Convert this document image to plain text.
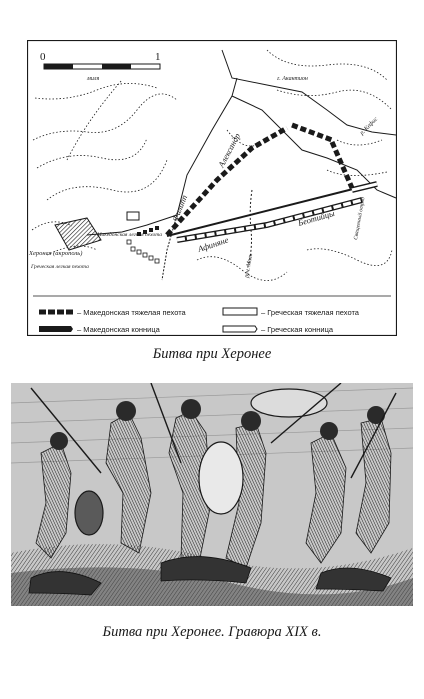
0	1
миля
Александр
Филипп
Афиняне
Беотийцы	Священный отряд
Херонея (акрополь)
Македонская легкая пехота
Греческая легкая пехота
г. Акантион
р. Кефис
руч. Моль
– Македонская тяжелая пехота	– Греческая тяжелая пехота
– Македонская конница	– Греческая конница
Битва при Херонее
Битва при Херонее. Гравюра XIX в.
